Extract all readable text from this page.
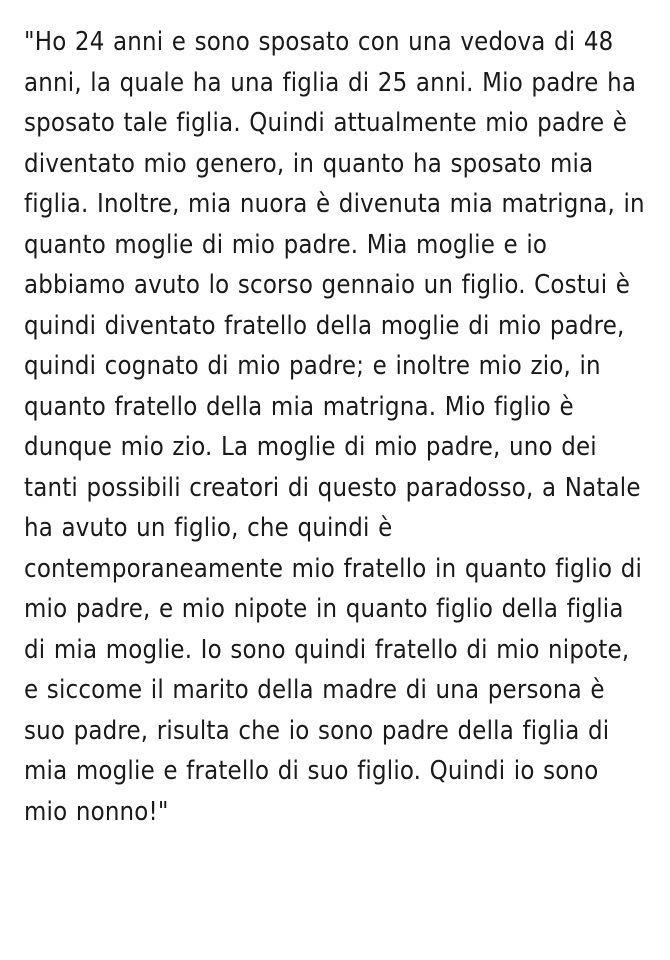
"Ho 24 anni e sono sposato con una vedova di 48 anni, la quale ha una figlia di 25 anni. Mio padre ha sposato tale figlia. Quindi attualmente mio padre è diventato mio genero, in quanto ha sposato mia figlia. Inoltre, mia nuora è divenuta mia matrigna, in quanto moglie di mio padre. Mia moglie e io abbiamo avuto lo scorso gennaio un figlio. Costui è quindi diventato fratello della moglie di mio padre, quindi cognato di mio padre; e inoltre mio zio, in quanto fratello della mia matrigna. Mio figlio è dunque mio zio. La moglie di mio padre, uno dei tanti possibili creatori di questo paradosso, a Natale ha avuto un figlio, che quindi è contemporaneamente mio fratello in quanto figlio di mio padre, e mio nipote in quanto figlio della figlia di mia moglie. Io sono quindi fratello di mio nipote, e siccome il marito della madre di una persona è suo padre, risulta che io sono padre della figlia di mia moglie e fratello di suo figlio. Quindi io sono mio nonno!"
